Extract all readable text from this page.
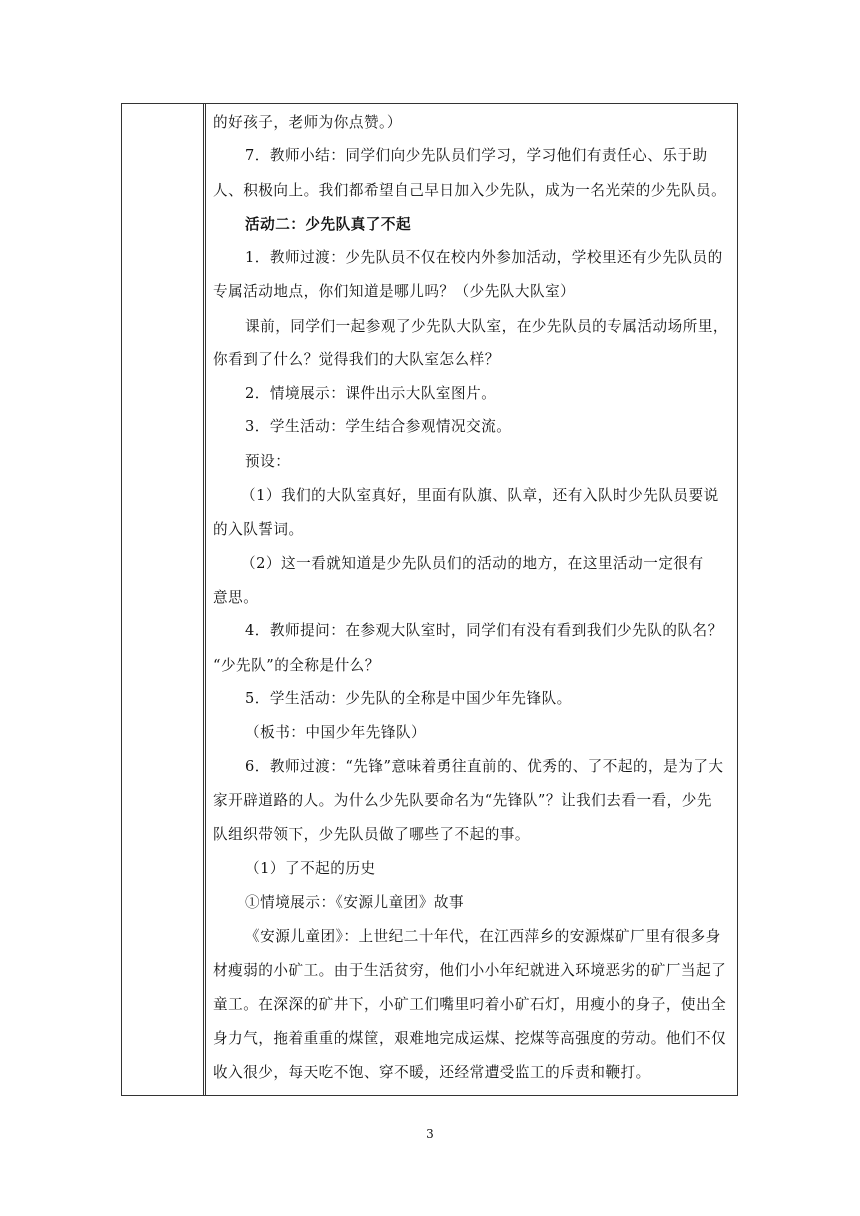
的好孩子，老师为你点赞。）
7．教师小结：同学们向少先队员们学习，学习他们有责任心、乐于助
人、积极向上。我们都希望自己早日加入少先队，成为一名光荣的少先队员。
活动二：少先队真了不起
1．教师过渡：少先队员不仅在校内外参加活动，学校里还有少先队员的
专属活动地点，你们知道是哪儿吗？（少先队大队室）
课前，同学们一起参观了少先队大队室，在少先队员的专属活动场所里，
你看到了什么？觉得我们的大队室怎么样？
2．情境展示：课件出示大队室图片。
3．学生活动：学生结合参观情况交流。
预设：
（1）我们的大队室真好，里面有队旗、队章，还有入队时少先队员要说
的入队誓词。
（2）这一看就知道是少先队员们的活动的地方，在这里活动一定很有
意思。
4．教师提问：在参观大队室时，同学们有没有看到我们少先队的队名？
“少先队”的全称是什么？
5．学生活动：少先队的全称是中国少年先锋队。
（板书：中国少年先锋队）
6．教师过渡：“先锋”意味着勇往直前的、优秀的、了不起的，是为了大
家开辟道路的人。为什么少先队要命名为“先锋队”？让我们去看一看，少先
队组织带领下，少先队员做了哪些了不起的事。
（1）了不起的历史
①情境展示：《安源儿童团》故事
《安源儿童团》：上世纪二十年代，在江西萍乡的安源煤矿厂里有很多身
材瘦弱的小矿工。由于生活贫穷，他们小小年纪就进入环境恶劣的矿厂当起了
童工。在深深的矿井下，小矿工们嘴里叼着小矿石灯，用瘦小的身子，使出全
身力气，拖着重重的煤筐，艰难地完成运煤、挖煤等高强度的劳动。他们不仅
收入很少，每天吃不饱、穿不暖，还经常遭受监工的斥责和鞭打。
3
